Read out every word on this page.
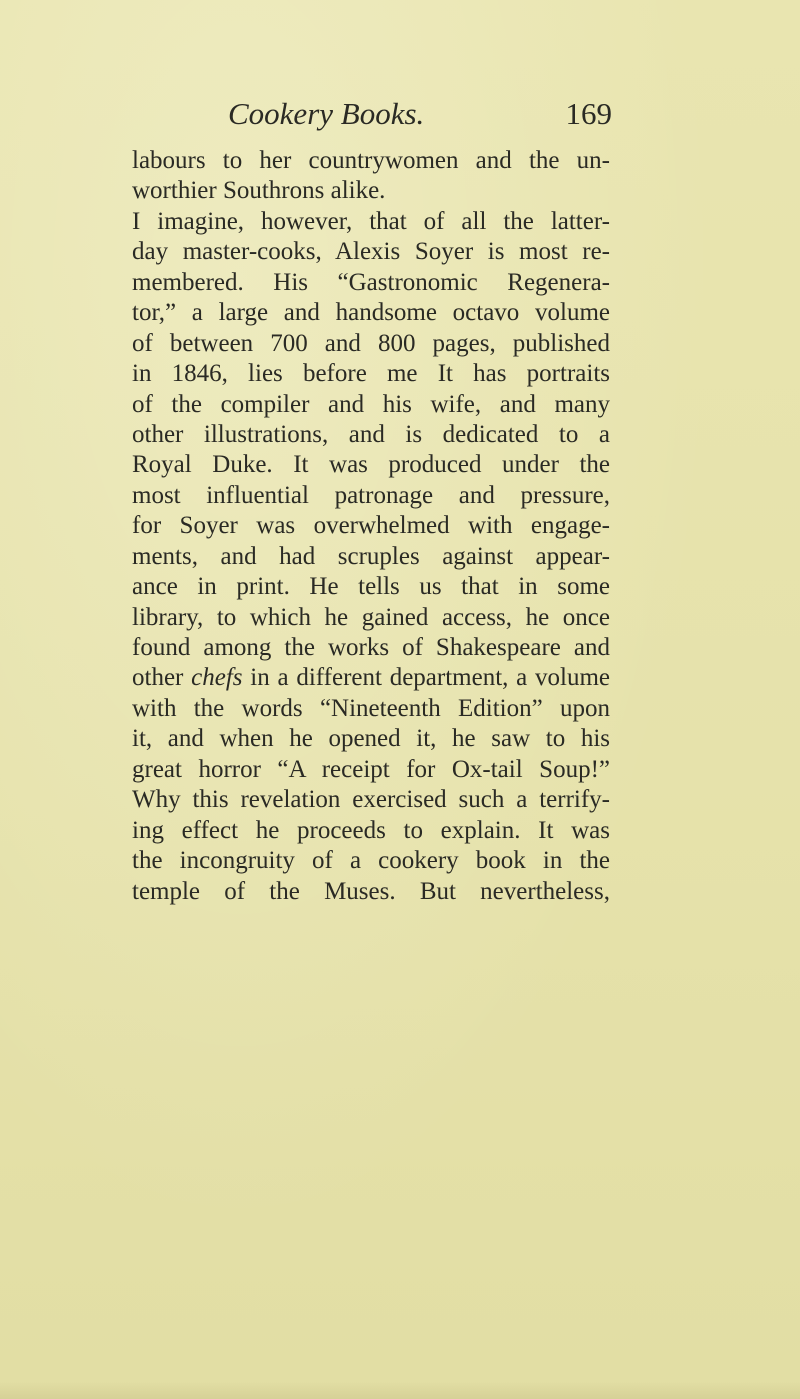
Cookery Books.	169
labours to her countrywomen and the un-
worthier Southrons alike.
I imagine, however, that of all the latter-
day master-cooks, Alexis Soyer is most re-
membered. His “Gastronomic Regenera-
tor,” a large and handsome octavo volume
of between 700 and 800 pages, published
in 1846, lies before me It has portraits
of the compiler and his wife, and many
other illustrations, and is dedicated to a
Royal Duke. It was produced under the
most influential patronage and pressure,
for Soyer was overwhelmed with engage-
ments, and had scruples against appear-
ance in print. He tells us that in some
library, to which he gained access, he once
found among the works of Shakespeare and
other chefs in a different department, a volume
with the words “Nineteenth Edition” upon
it, and when he opened it, he saw to his
great horror “A receipt for Ox-tail Soup!”
Why this revelation exercised such a terrify-
ing effect he proceeds to explain. It was
the incongruity of a cookery book in the
temple of the Muses. But nevertheless,
